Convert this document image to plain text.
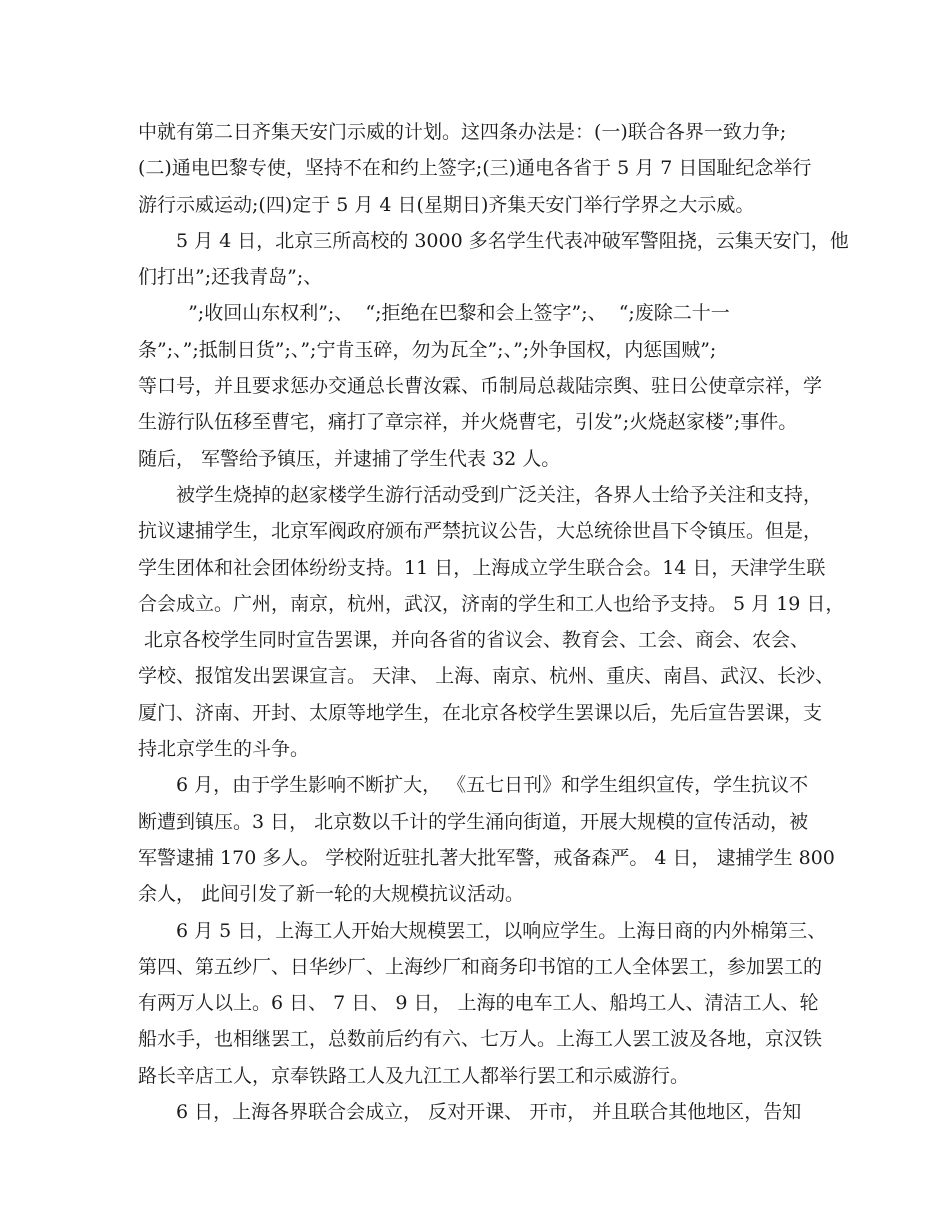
中就有第二日齐集天安门示威的计划。这四条办法是：(一)联合各界一致力争;
(二)通电巴黎专使，坚持不在和约上签字;(三)通电各省于 5 月 7 日国耻纪念举行
游行示威运动;(四)定于 5 月 4 日(星期日)齐集天安门举行学界之大示威。
5 月 4 日，北京三所高校的 3000 多名学生代表冲破军警阻挠，云集天安门，他
们打出”;还我青岛”;、
”;收回山东权利”;、  “;拒绝在巴黎和会上签字”;、  “;废除二十一
条”;、”;抵制日货”;、”;宁肯玉碎，勿为瓦全”;、”;外争国权，内惩国贼”;
等口号，并且要求惩办交通总长曹汝霖、币制局总裁陆宗舆、驻日公使章宗祥，学
生游行队伍移至曹宅，痛打了章宗祥，并火烧曹宅，引发”;火烧赵家楼”;事件。
随后， 军警给予镇压，并逮捕了学生代表 32 人。
被学生烧掉的赵家楼学生游行活动受到广泛关注，各界人士给予关注和支持，
抗议逮捕学生，北京军阀政府颁布严禁抗议公告，大总统徐世昌下令镇压。但是，
学生团体和社会团体纷纷支持。11 日，上海成立学生联合会。14 日，天津学生联
合会成立。广州，南京，杭州，武汉，济南的学生和工人也给予支持。 5 月 19 日，
北京各校学生同时宣告罢课，并向各省的省议会、教育会、工会、商会、农会、
学校、报馆发出罢课宣言。 天津、 上海、南京、杭州、重庆、南昌、武汉、长沙、
厦门、济南、开封、太原等地学生，在北京各校学生罢课以后，先后宣告罢课，支
持北京学生的斗争。
6 月，由于学生影响不断扩大， 《五七日刊》和学生组织宣传，学生抗议不
断遭到镇压。3 日， 北京数以千计的学生涌向街道，开展大规模的宣传活动，被
军警逮捕 170 多人。 学校附近驻扎著大批军警，戒备森严。 4 日， 逮捕学生 800
余人， 此间引发了新一轮的大规模抗议活动。
6 月 5 日，上海工人开始大规模罢工，以响应学生。上海日商的内外棉第三、
第四、第五纱厂、日华纱厂、上海纱厂和商务印书馆的工人全体罢工，参加罢工的
有两万人以上。6 日、 7 日、 9 日， 上海的电车工人、船坞工人、清洁工人、轮
船水手，也相继罢工，总数前后约有六、七万人。上海工人罢工波及各地，京汉铁
路长辛店工人，京奉铁路工人及九江工人都举行罢工和示威游行。
6 日，上海各界联合会成立， 反对开课、 开市， 并且联合其他地区，告知
